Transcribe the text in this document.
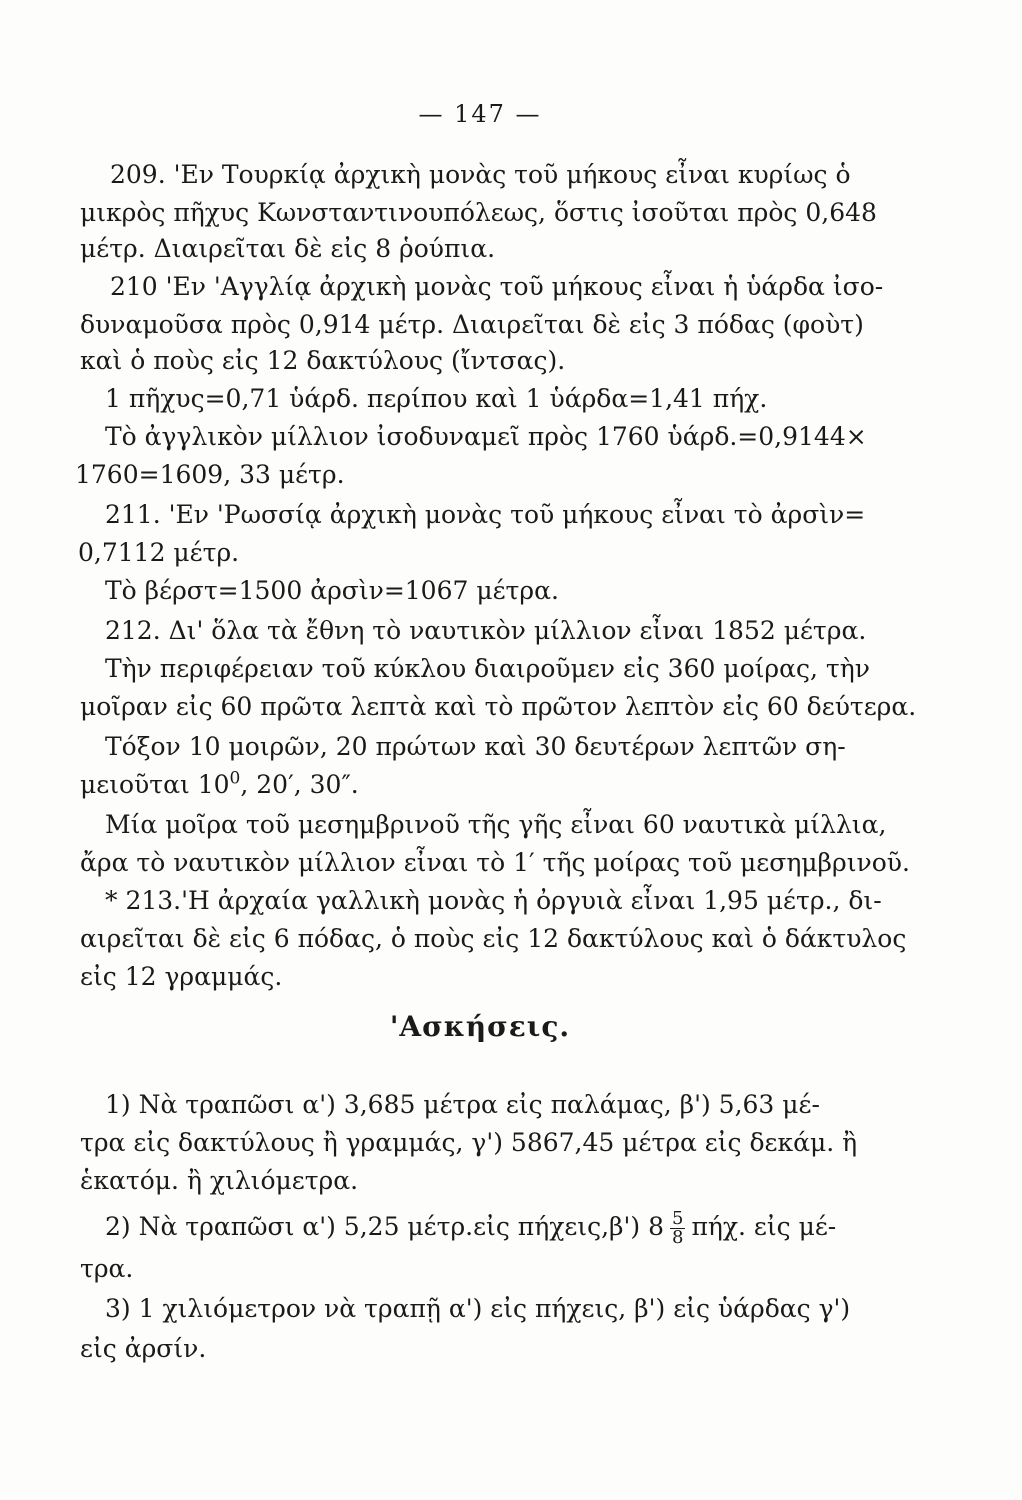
— 147 —
209. 'Εν Τουρκίᾳ ἀρχικὴ μονὰς τοῦ μήκους εἶναι κυρίως ὁ
μικρὸς πῆχυς Κωνσταντινουπόλεως, ὅστις ἰσοῦται πρὸς 0,648
μέτρ. Διαιρεῖται δὲ εἰς 8 ῥούπια.
210 'Εν 'Αγγλίᾳ ἀρχικὴ μονὰς τοῦ μήκους εἶναι ἡ ὑάρδα ἰσο-
δυναμοῦσα πρὸς 0,914 μέτρ. Διαιρεῖται δὲ εἰς 3 πόδας (φοὺτ)
καὶ ὁ ποὺς εἰς 12 δακτύλους (ἴντσας).
1 πῆχυς=0,71 ὑάρδ. περίπου καὶ 1 ὑάρδα=1,41 πήχ.
Τὸ ἀγγλικὸν μίλλιον ἰσοδυναμεῖ πρὸς 1760 ὑάρδ.=0,9144×
1760=1609, 33 μέτρ.
211. 'Εν 'Ρωσσίᾳ ἀρχικὴ μονὰς τοῦ μήκους εἶναι τὸ ἀρσὶν=
0,7112 μέτρ.
Τὸ βέρστ=1500 ἀρσὶν=1067 μέτρα.
212. Δι' ὅλα τὰ ἔθνη τὸ ναυτικὸν μίλλιον εἶναι 1852 μέτρα.
Τὴν περιφέρειαν τοῦ κύκλου διαιροῦμεν εἰς 360 μοίρας, τὴν
μοῖραν εἰς 60 πρῶτα λεπτὰ καὶ τὸ πρῶτον λεπτὸν εἰς 60 δεύτερα.
Τόξον 10 μοιρῶν, 20 πρώτων καὶ 30 δευτέρων λεπτῶν ση-
μειοῦται $10^0$, 20′, 30″.
Μία μοῖρα τοῦ μεσημβρινοῦ τῆς γῆς εἶναι 60 ναυτικὰ μίλλια,
ἄρα τὸ ναυτικὸν μίλλιον εἶναι τὸ 1′ τῆς μοίρας τοῦ μεσημβρινοῦ.
* 213.'Η ἀρχαία γαλλικὴ μονὰς ἡ ὀργυιὰ εἶναι 1,95 μέτρ., δι-
αιρεῖται δὲ εἰς 6 πόδας, ὁ ποὺς εἰς 12 δακτύλους καὶ ὁ δάκτυλος
εἰς 12 γραμμάς.
'Ασκήσεις.
1) Νὰ τραπῶσι α') 3,685 μέτρα εἰς παλάμας, β') 5,63 μέ-
τρα εἰς δακτύλους ἢ γραμμάς, γ') 5867,45 μέτρα εἰς δεκάμ. ἢ
ἑκατόμ. ἢ χιλιόμετρα.
2) Νὰ τραπῶσι α') 5,25 μέτρ.εἰς πήχεις,β') $8 \frac{5}{8} \pi ή\chi$. εἰς μέ-
τρα.
3) 1 χιλιόμετρον νὰ τραπῇ α') εἰς πήχεις, β') εἰς ὑάρδας γ')
εἰς ἀρσίν.
